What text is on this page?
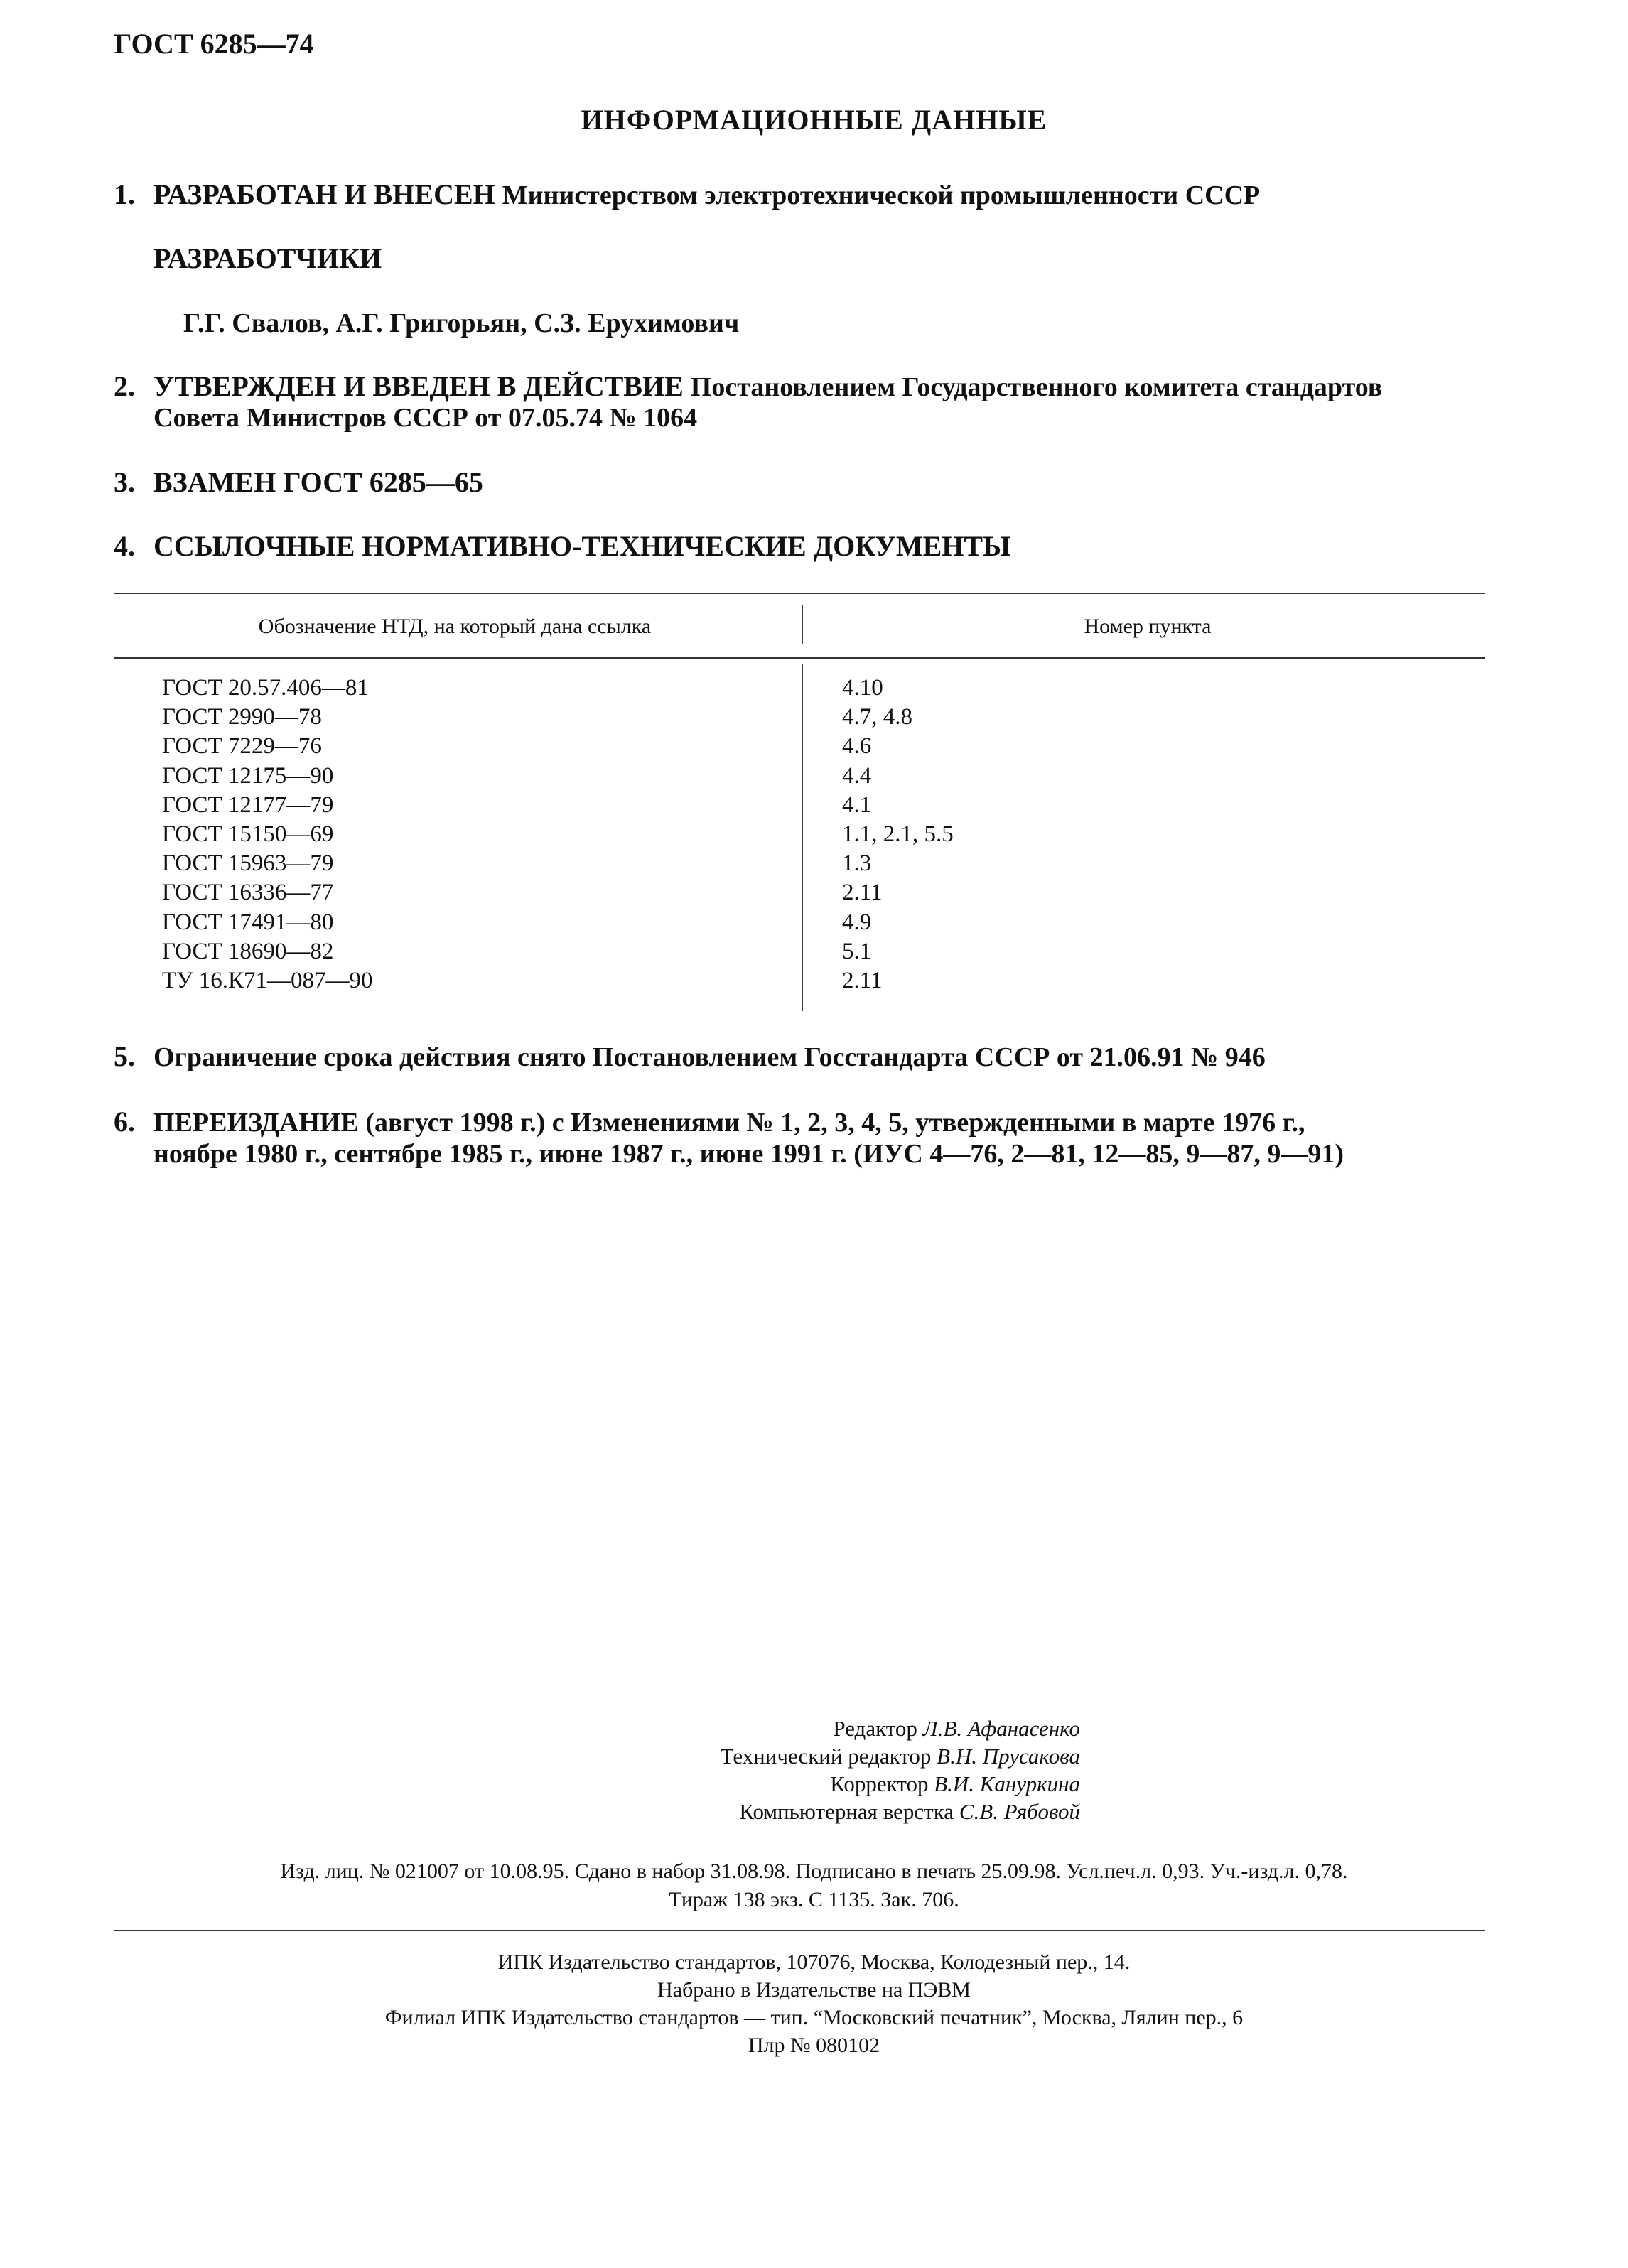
ГОСТ 6285—74
ИНФОРМАЦИОННЫЕ ДАННЫЕ
1. РАЗРАБОТАН И ВНЕСЕН Министерством электротехнической промышленности СССР
РАЗРАБОТЧИКИ
Г.Г. Свалов, А.Г. Григорьян, С.З. Ерухимович
2. УТВЕРЖДЕН И ВВЕДЕН В ДЕЙСТВИЕ Постановлением Государственного комитета стандартов
Совета Министров СССР от 07.05.74 № 1064
3. ВЗАМЕН ГОСТ 6285—65
4. ССЫЛОЧНЫЕ НОРМАТИВНО-ТЕХНИЧЕСКИЕ ДОКУМЕНТЫ
Обозначение НТД, на который дана ссылка	Номер пункта
ГОСТ 20.57.406—81
ГОСТ 2990—78
ГОСТ 7229—76
ГОСТ 12175—90
ГОСТ 12177—79
ГОСТ 15150—69
ГОСТ 15963—79
ГОСТ 16336—77
ГОСТ 17491—80
ГОСТ 18690—82
ТУ 16.К71—087—90
4.10
4.7, 4.8
4.6
4.4
4.1
1.1, 2.1, 5.5
1.3
2.11
4.9
5.1
2.11
5. Ограничение срока действия снято Постановлением Госстандарта СССР от 21.06.91 № 946
6. ПЕРЕИЗДАНИЕ (август 1998 г.) с Изменениями № 1, 2, 3, 4, 5, утвержденными в марте 1976 г.,
ноябре 1980 г., сентябре 1985 г., июне 1987 г., июне 1991 г. (ИУС 4—76, 2—81, 12—85, 9—87, 9—91)
Редактор Л.В. Афанасенко
Технический редактор В.Н. Прусакова
Корректор В.И. Кануркина
Компьютерная верстка С.В. Рябовой
Изд. лиц. № 021007 от 10.08.95. Сдано в набор 31.08.98. Подписано в печать 25.09.98. Усл.печ.л. 0,93. Уч.-изд.л. 0,78.
Тираж 138 экз. С 1135. Зак. 706.
ИПК Издательство стандартов, 107076, Москва, Колодезный пер., 14.
Набрано в Издательстве на ПЭВМ
Филиал ИПК Издательство стандартов — тип. “Московский печатник”, Москва, Лялин пер., 6
Плр № 080102
